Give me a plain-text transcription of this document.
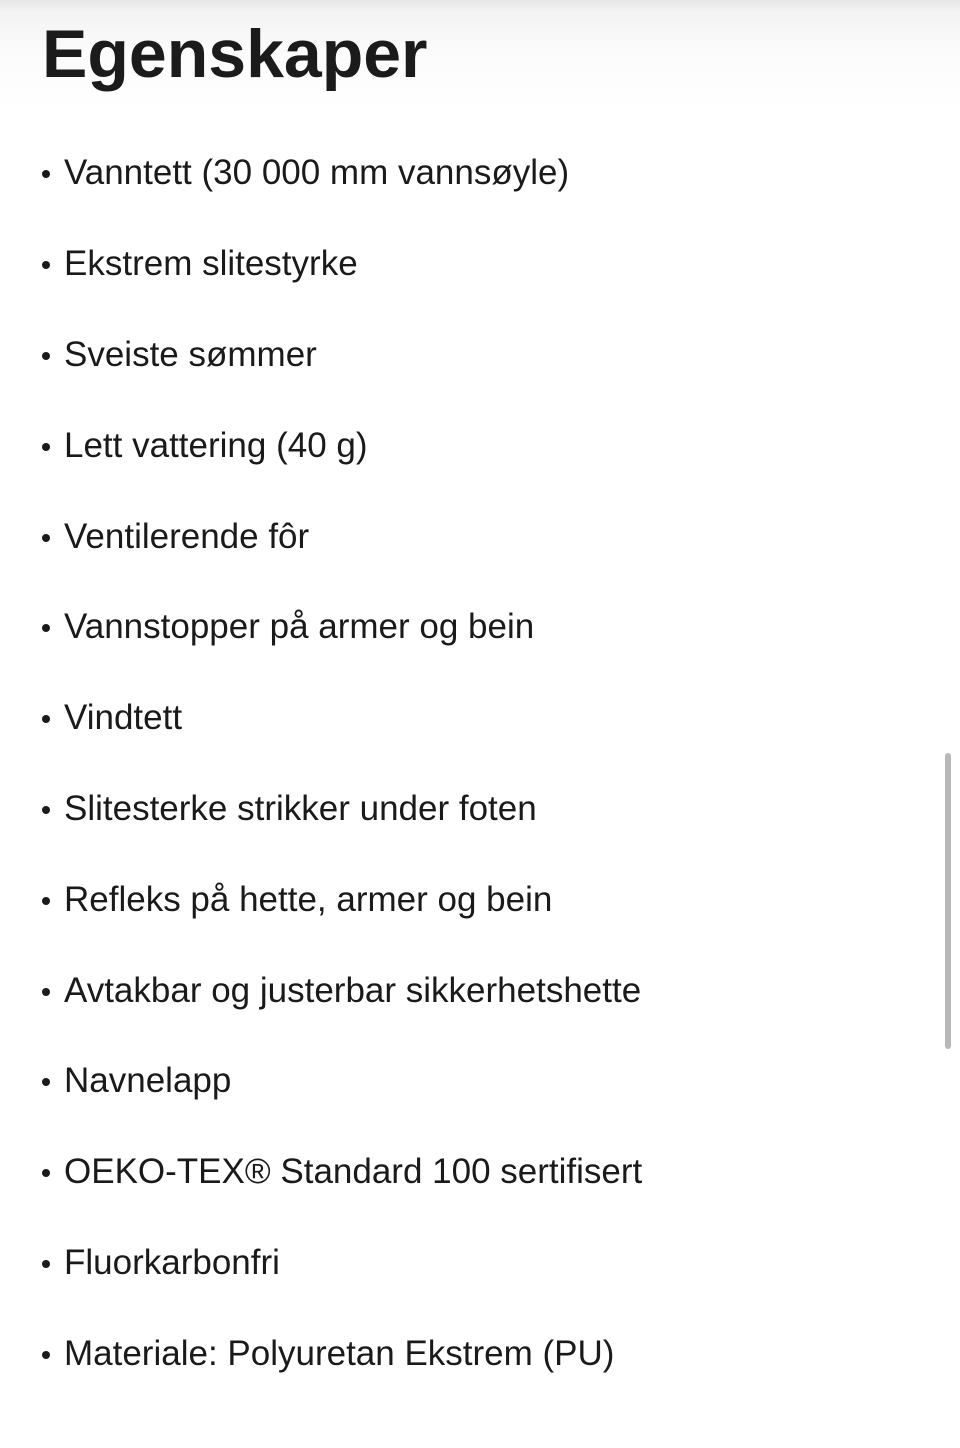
Egenskaper
Vanntett (30 000 mm vannsøyle)
Ekstrem slitestyrke
Sveiste sømmer
Lett vattering (40 g)
Ventilerende fôr
Vannstopper på armer og bein
Vindtett
Slitesterke strikker under foten
Refleks på hette, armer og bein
Avtakbar og justerbar sikkerhetshette
Navnelapp
OEKO-TEX® Standard 100 sertifisert
Fluorkarbonfri
Materiale: Polyuretan Ekstrem (PU)
